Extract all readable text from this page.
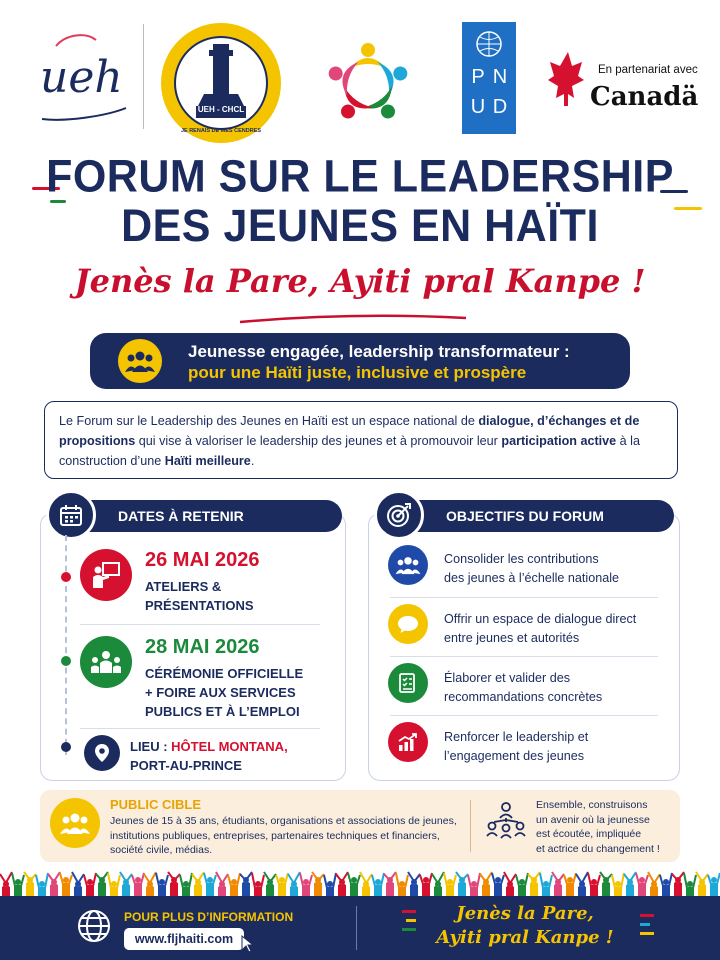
ueh
UEH - CHCL
JE RENAIS DE MES CENDRES
P N
U D
En partenariat avec
Canadä
FORUM SUR LE LEADERSHIP
DES JEUNES EN HAÏTI
Jenès la Pare, Ayiti pral Kanpe !
Jeunesse engagée, leadership transformateur :
pour une Haïti juste, inclusive et prospère
Le Forum sur le Leadership des Jeunes en Haïti est un espace national de dialogue, d’échanges et de propositions qui vise à valoriser le leadership des jeunes et à promouvoir leur participation active à la construction d’une Haïti meilleure.
DATES À RETENIR
26 MAI 2026
ATELIERS &
PRÉSENTATIONS
28 MAI 2026
CÉRÉMONIE OFFICIELLE
+ FOIRE AUX SERVICES
PUBLICS ET À L’EMPLOI
LIEU : HÔTEL MONTANA,
PORT-AU-PRINCE
OBJECTIFS DU FORUM
Consolider les contributions
des jeunes à l’échelle nationale
Offrir un espace de dialogue direct
entre jeunes et autorités
Élaborer et valider des
recommandations concrètes
Renforcer le leadership et
l’engagement des jeunes
PUBLIC CIBLE
Jeunes de 15 à 35 ans, étudiants, organisations et associations de jeunes,
institutions publiques, entreprises, partenaires techniques et financiers,
société civile, médias.
Ensemble, construisons
un avenir où la jeunesse
est écoutée, impliquée
et actrice du changement !
POUR PLUS D’INFORMATION
www.fljhaiti.com
Jenès la Pare,
Ayiti pral Kanpe !
